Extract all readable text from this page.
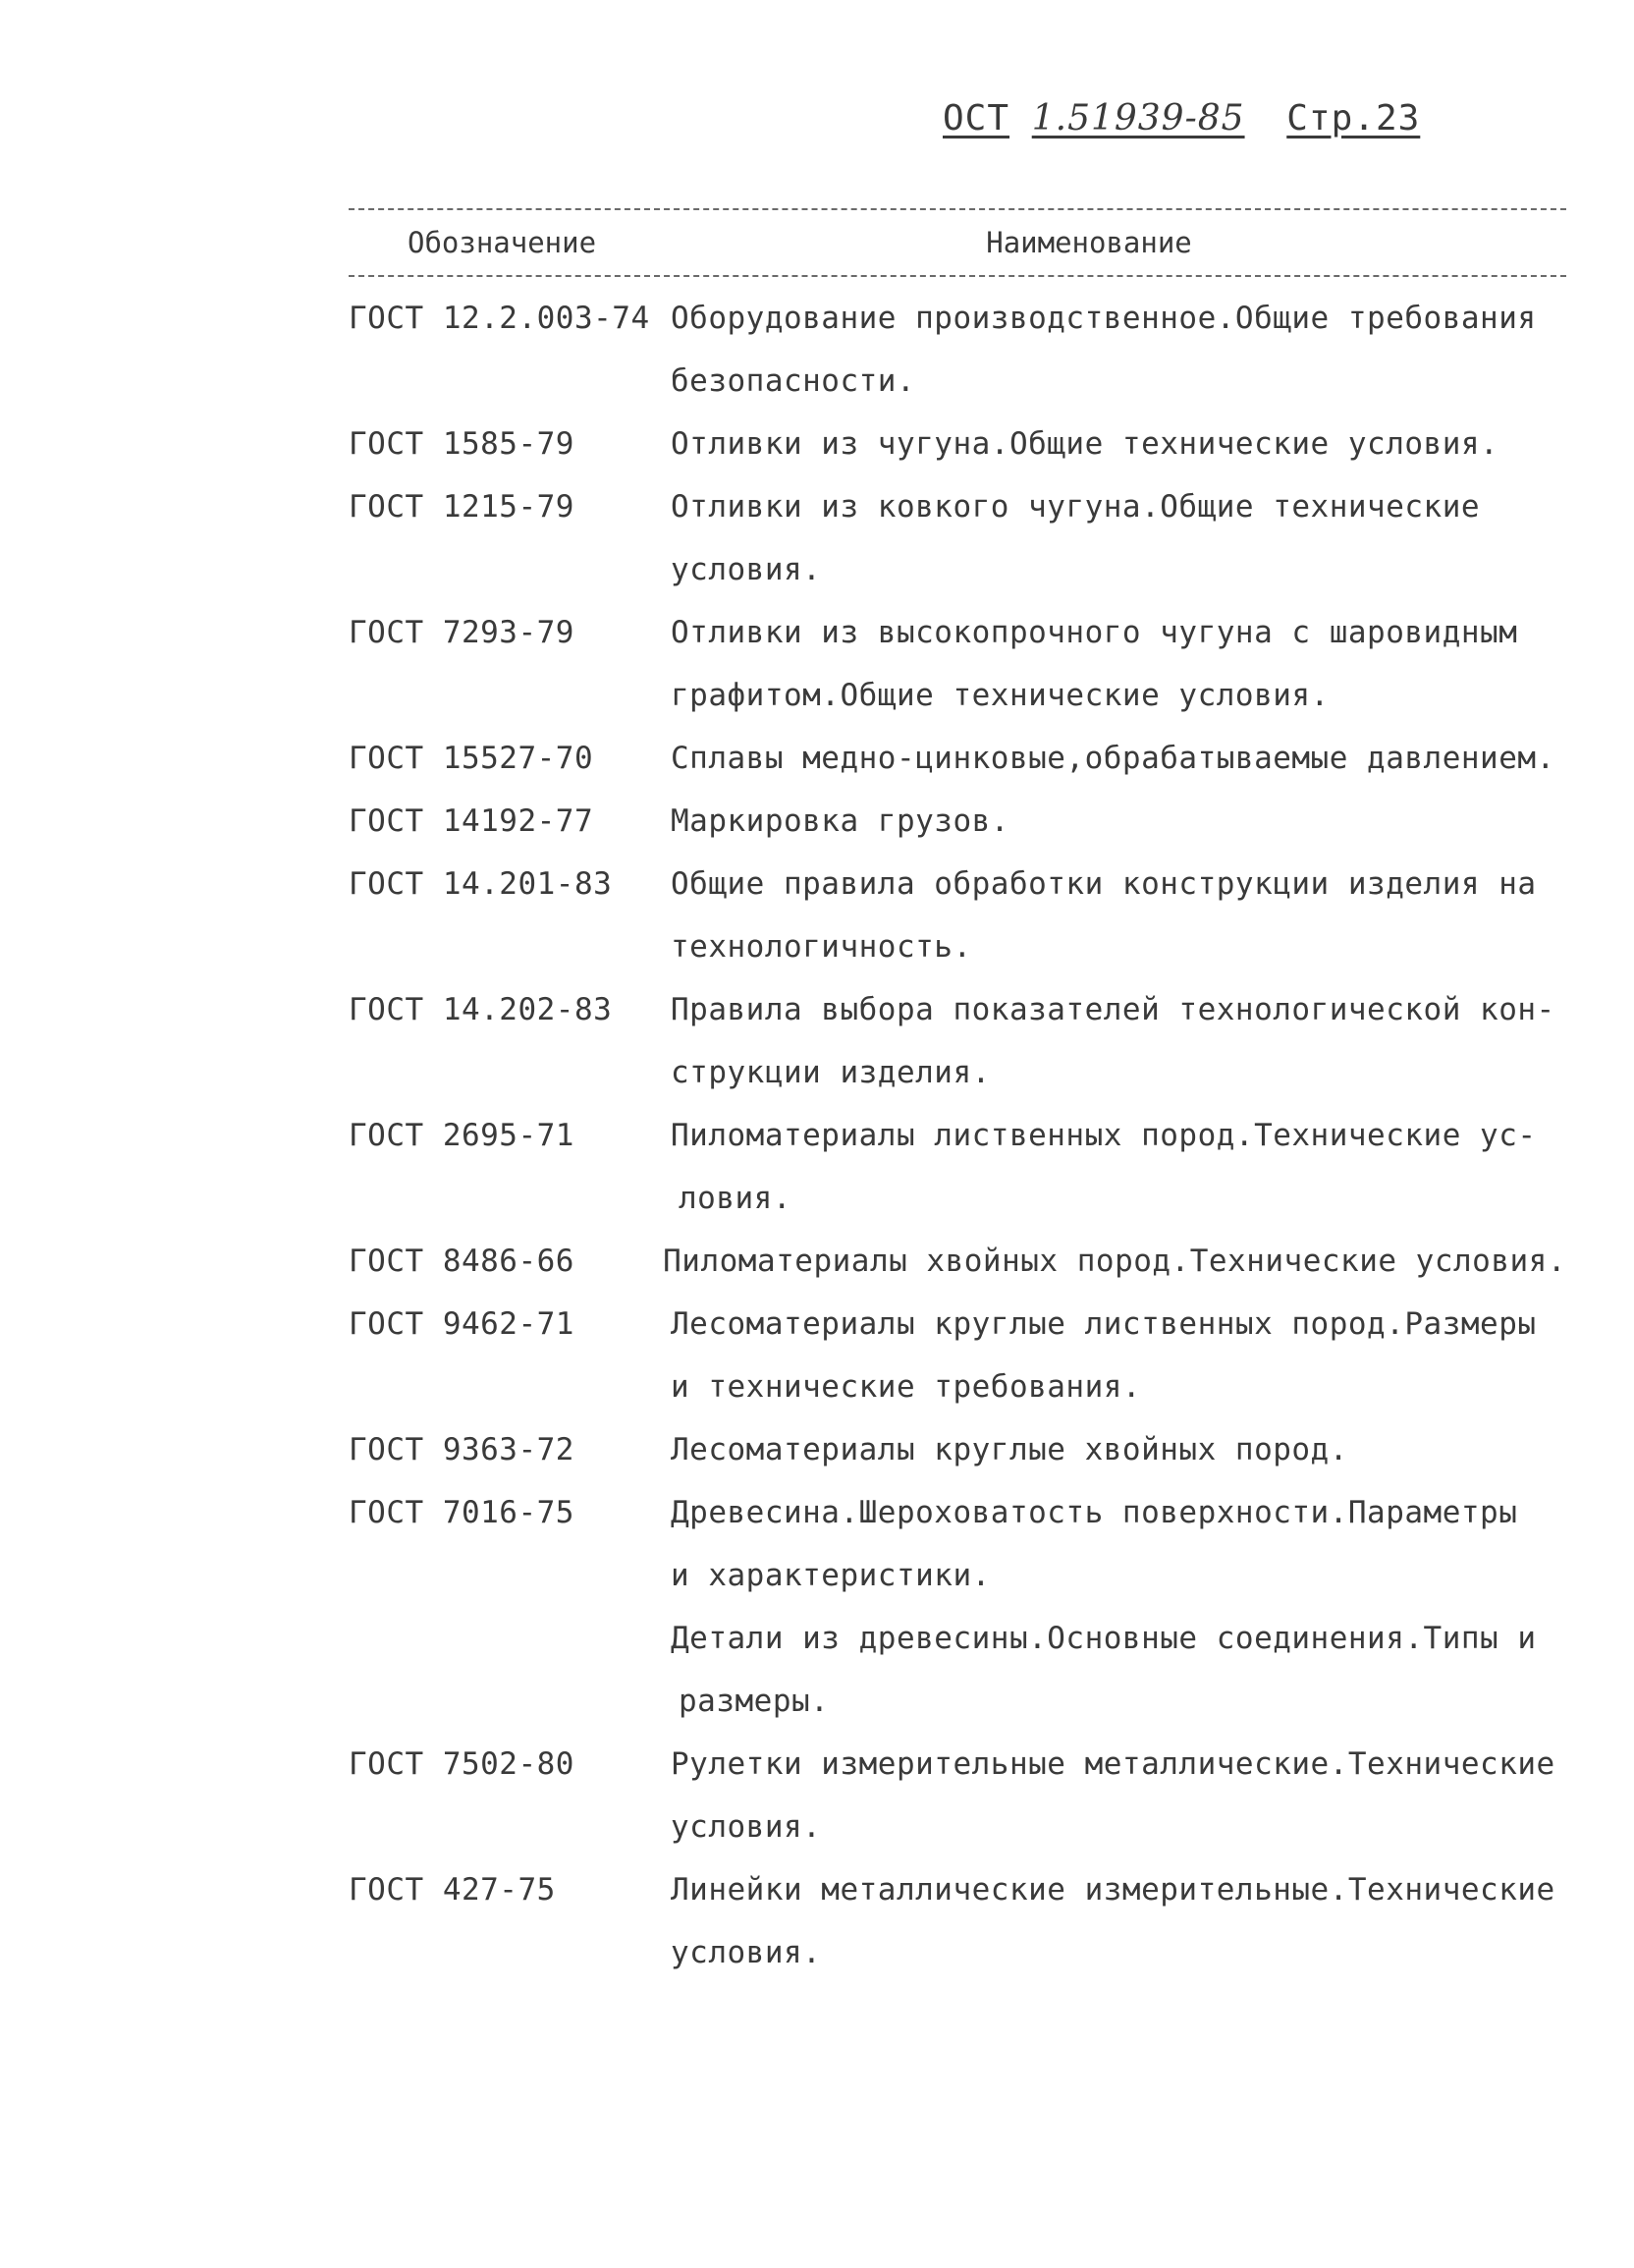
ОСТ 1.51939-85 Стр.23
Обозначение	Наименование
ГОСТ 12.2.003-74 Оборудование производственное.Общие требования
безопасности.
ГОСТ 1585-79	Отливки из чугуна.Общие технические условия.
ГОСТ 1215-79	Отливки из ковкого чугуна.Общие технические
условия.
ГОСТ 7293-79	Отливки из высокопрочного чугуна с шаровидным
графитом.Общие технические условия.
ГОСТ 15527-70	Сплавы медно-цинковые,обрабатываемые давлением.
ГОСТ 14192-77	Маркировка грузов.
ГОСТ 14.201-83	Общие правила обработки конструкции изделия на
технологичность.
ГОСТ 14.202-83	Правила выбора показателей технологической кон-
струкции изделия.
ГОСТ 2695-71	Пиломатериалы лиственных пород.Технические ус-
ловия.
ГОСТ 8486-66	Пиломатериалы хвойных пород.Технические условия.
ГОСТ 9462-71	Лесоматериалы круглые лиственных пород.Размеры
и технические требования.
ГОСТ 9363-72	Лесоматериалы круглые хвойных пород.
ГОСТ 7016-75	Древесина.Шероховатость поверхности.Параметры
и характеристики.
Детали из древесины.Основные соединения.Типы и
размеры.
ГОСТ 7502-80	Рулетки измерительные металлические.Технические
условия.
ГОСТ 427-75	Линейки металлические измерительные.Технические
условия.
